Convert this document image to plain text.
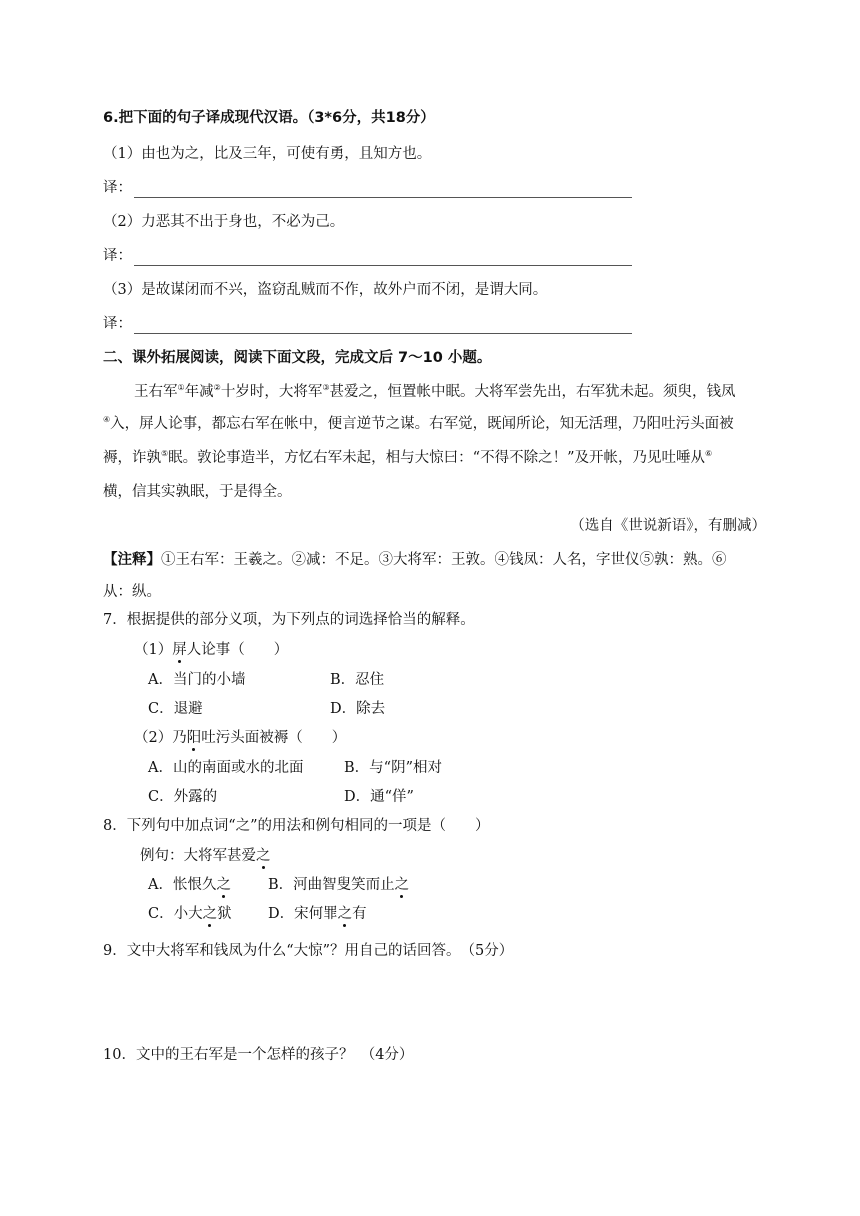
6.把下面的句子译成现代汉语。（3*6分，共18分）
（1）由也为之，比及三年，可使有勇，且知方也。
译：
（2）力恶其不出于身也，不必为己。
译：
（3）是故谋闭而不兴，盗窃乱贼而不作，故外户而不闭，是谓大同。
译：
二、课外拓展阅读，阅读下面文段，完成文后 7～10 小题。
王右军①年减②十岁时，大将军③甚爱之，恒置帐中眠。大将军尝先出，右军犹未起。须臾，钱凤
④入，屏人论事，都忘右军在帐中，便言逆节之谋。右军觉，既闻所论，知无活理，乃阳吐污头面被
褥，诈孰⑤眠。敦论事造半，方忆右军未起，相与大惊曰：“不得不除之！”及开帐，乃见吐唾从⑥
横，信其实孰眠，于是得全。
（选自《世说新语》，有删减）
【注释】①王右军：王羲之。②减：不足。③大将军：王敦。④钱凤：人名，字世仪⑤孰：熟。⑥
从：纵。
7．根据提供的部分义项，为下列点的词选择恰当的解释。
（1）屏人论事（　　）
A．当门的小墙	B．忍住
C．退避	D．除去
（2）乃阳吐污头面被褥（　　）
A．山的南面或水的北面	B．与“阴”相对
C．外露的	D．通“佯”
8．下列句中加点词“之”的用法和例句相同的一项是（　　）
例句：大将军甚爱之
A．怅恨久之	B．河曲智叟笑而止之
C．小大之狱	D．宋何罪之有
9．文中大将军和钱凤为什么“大惊”？用自己的话回答。　（5分）
10．文中的王右军是一个怎样的孩子？　（4分）
